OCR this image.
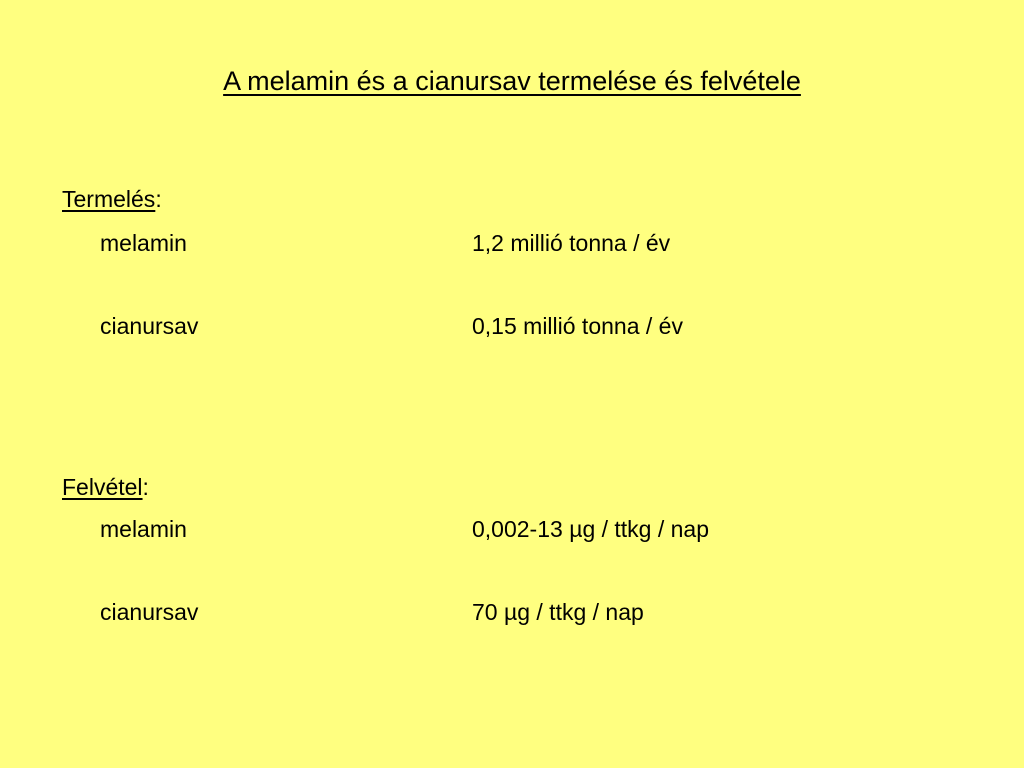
A melamin és a cianursav termelése és felvétele
Termelés:
melamin	1,2 millió tonna / év
cianursav	0,15 millió tonna / év
Felvétel:
melamin	0,002-13 µg / ttkg / nap
cianursav	70 µg / ttkg / nap
